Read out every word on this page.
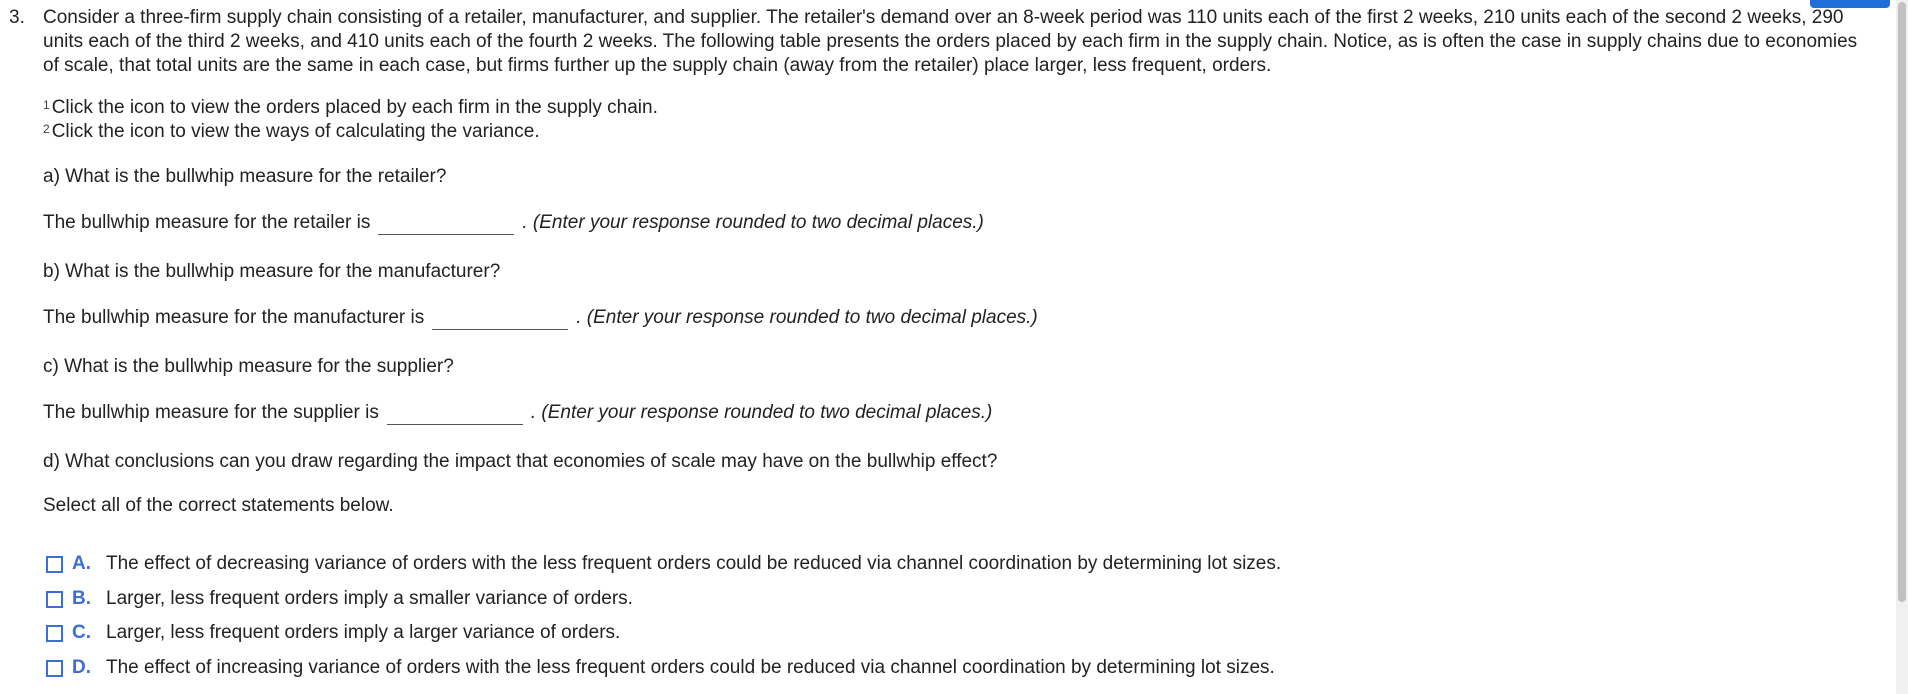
3. Consider a three-firm supply chain consisting of a retailer, manufacturer, and supplier. The retailer's demand over an 8-week period was 110 units each of the first 2 weeks, 210 units each of the second 2 weeks, 290 units each of the third 2 weeks, and 410 units each of the fourth 2 weeks. The following table presents the orders placed by each firm in the supply chain. Notice, as is often the case in supply chains due to economies of scale, that total units are the same in each case, but firms further up the supply chain (away from the retailer) place larger, less frequent, orders.
$^1$ Click the icon to view the orders placed by each firm in the supply chain.
$^2$ Click the icon to view the ways of calculating the variance.
a) What is the bullwhip measure for the retailer?
The bullwhip measure for the retailer is	. (Enter your response rounded to two decimal places.)
b) What is the bullwhip measure for the manufacturer?
The bullwhip measure for the manufacturer is	. (Enter your response rounded to two decimal places.)
c) What is the bullwhip measure for the supplier?
The bullwhip measure for the supplier is	. (Enter your response rounded to two decimal places.)
d) What conclusions can you draw regarding the impact that economies of scale may have on the bullwhip effect?
Select all of the correct statements below.
A. The effect of decreasing variance of orders with the less frequent orders could be reduced via channel coordination by determining lot sizes.
B. Larger, less frequent orders imply a smaller variance of orders.
C. Larger, less frequent orders imply a larger variance of orders.
D. The effect of increasing variance of orders with the less frequent orders could be reduced via channel coordination by determining lot sizes.
